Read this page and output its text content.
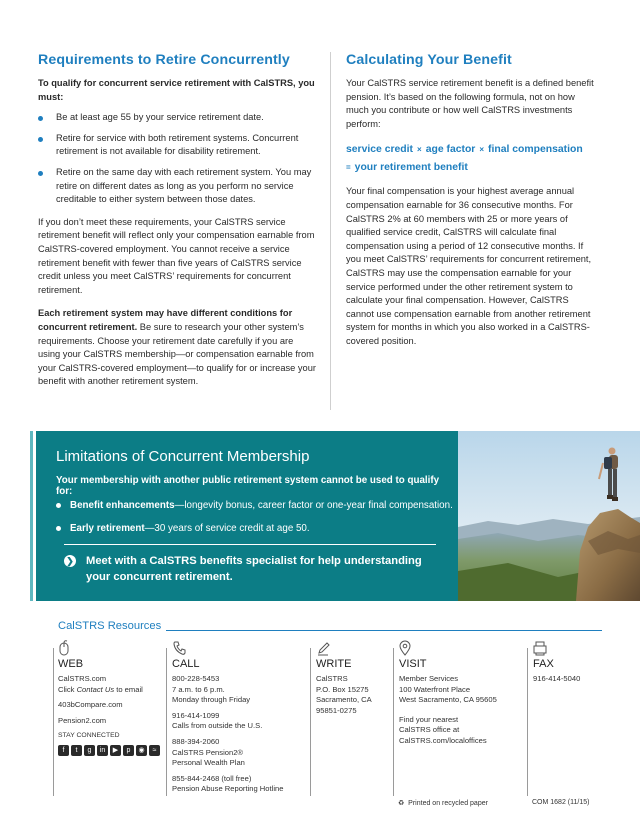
Requirements to Retire Concurrently
To qualify for concurrent service retirement with CalSTRS, you must:
Be at least age 55 by your service retirement date.
Retire for service with both retirement systems. Concurrent retirement is not available for disability retirement.
Retire on the same day with each retirement system. You may retire on different dates as long as you perform no service creditable to either system between those dates.

If you don’t meet these requirements, your CalSTRS service retirement benefit will reflect only your compensation earnable from CalSTRS-covered employment. You cannot receive a service retirement benefit with fewer than five years of CalSTRS service credit unless you meet CalSTRS’ requirements for concurrent retirement.

Each retirement system may have different conditions for concurrent retirement. Be sure to research your other system’s requirements. Choose your retirement date carefully if you are using your CalSTRS membership—or compensation earnable from your CalSTRS-covered employment—to qualify for or increase your benefit with another retirement system.

Calculating Your Benefit

Your CalSTRS service retirement benefit is a defined benefit pension. It’s based on the following formula, not on how much you contribute or how well CalSTRS investments perform:

service credit × age factor × final compensation
= your retirement benefit

Your final compensation is your highest average annual compensation earnable for 36 consecutive months. For CalSTRS 2% at 60 members with 25 or more years of qualified service credit, CalSTRS will calculate final compensation using a period of 12 consecutive months. If you meet CalSTRS’ requirements for concurrent retirement, CalSTRS may use the compensation earnable for your service performed under the other retirement system to calculate your final compensation. However, CalSTRS cannot use compensation earnable from another retirement system for months in which you also worked in a CalSTRS-covered position.

Limitations of Concurrent Membership
Your membership with another public retirement system cannot be used to qualify for:
Benefit enhancements—longevity bonus, career factor or one-year final compensation.
Early retirement—30 years of service credit at age 50.
❯ Meet with a CalSTRS benefits specialist for help understanding your concurrent retirement.
CalSTRS Resources
WEB
CalSTRS.com
Click Contact Us to email
403bCompare.com
Pension2.com
STAY CONNECTED
f	t	g	in	▶	p	◉	≈
CALL
800-228-5453
7 a.m. to 6 p.m.
Monday through Friday
916-414-1099
Calls from outside the U.S.
888-394-2060
CalSTRS Pension2®
Personal Wealth Plan
855-844-2468 (toll free)
Pension Abuse Reporting Hotline
WRITE
CalSTRS
P.O. Box 15275
Sacramento, CA
95851-0275
VISIT
Member Services
100 Waterfront Place
West Sacramento, CA 95605
Find your nearest
CalSTRS office at
CalSTRS.com/localoffices
FAX
916-414-5040
♻ Printed on recycled paper	COM 1682 (11/15)
